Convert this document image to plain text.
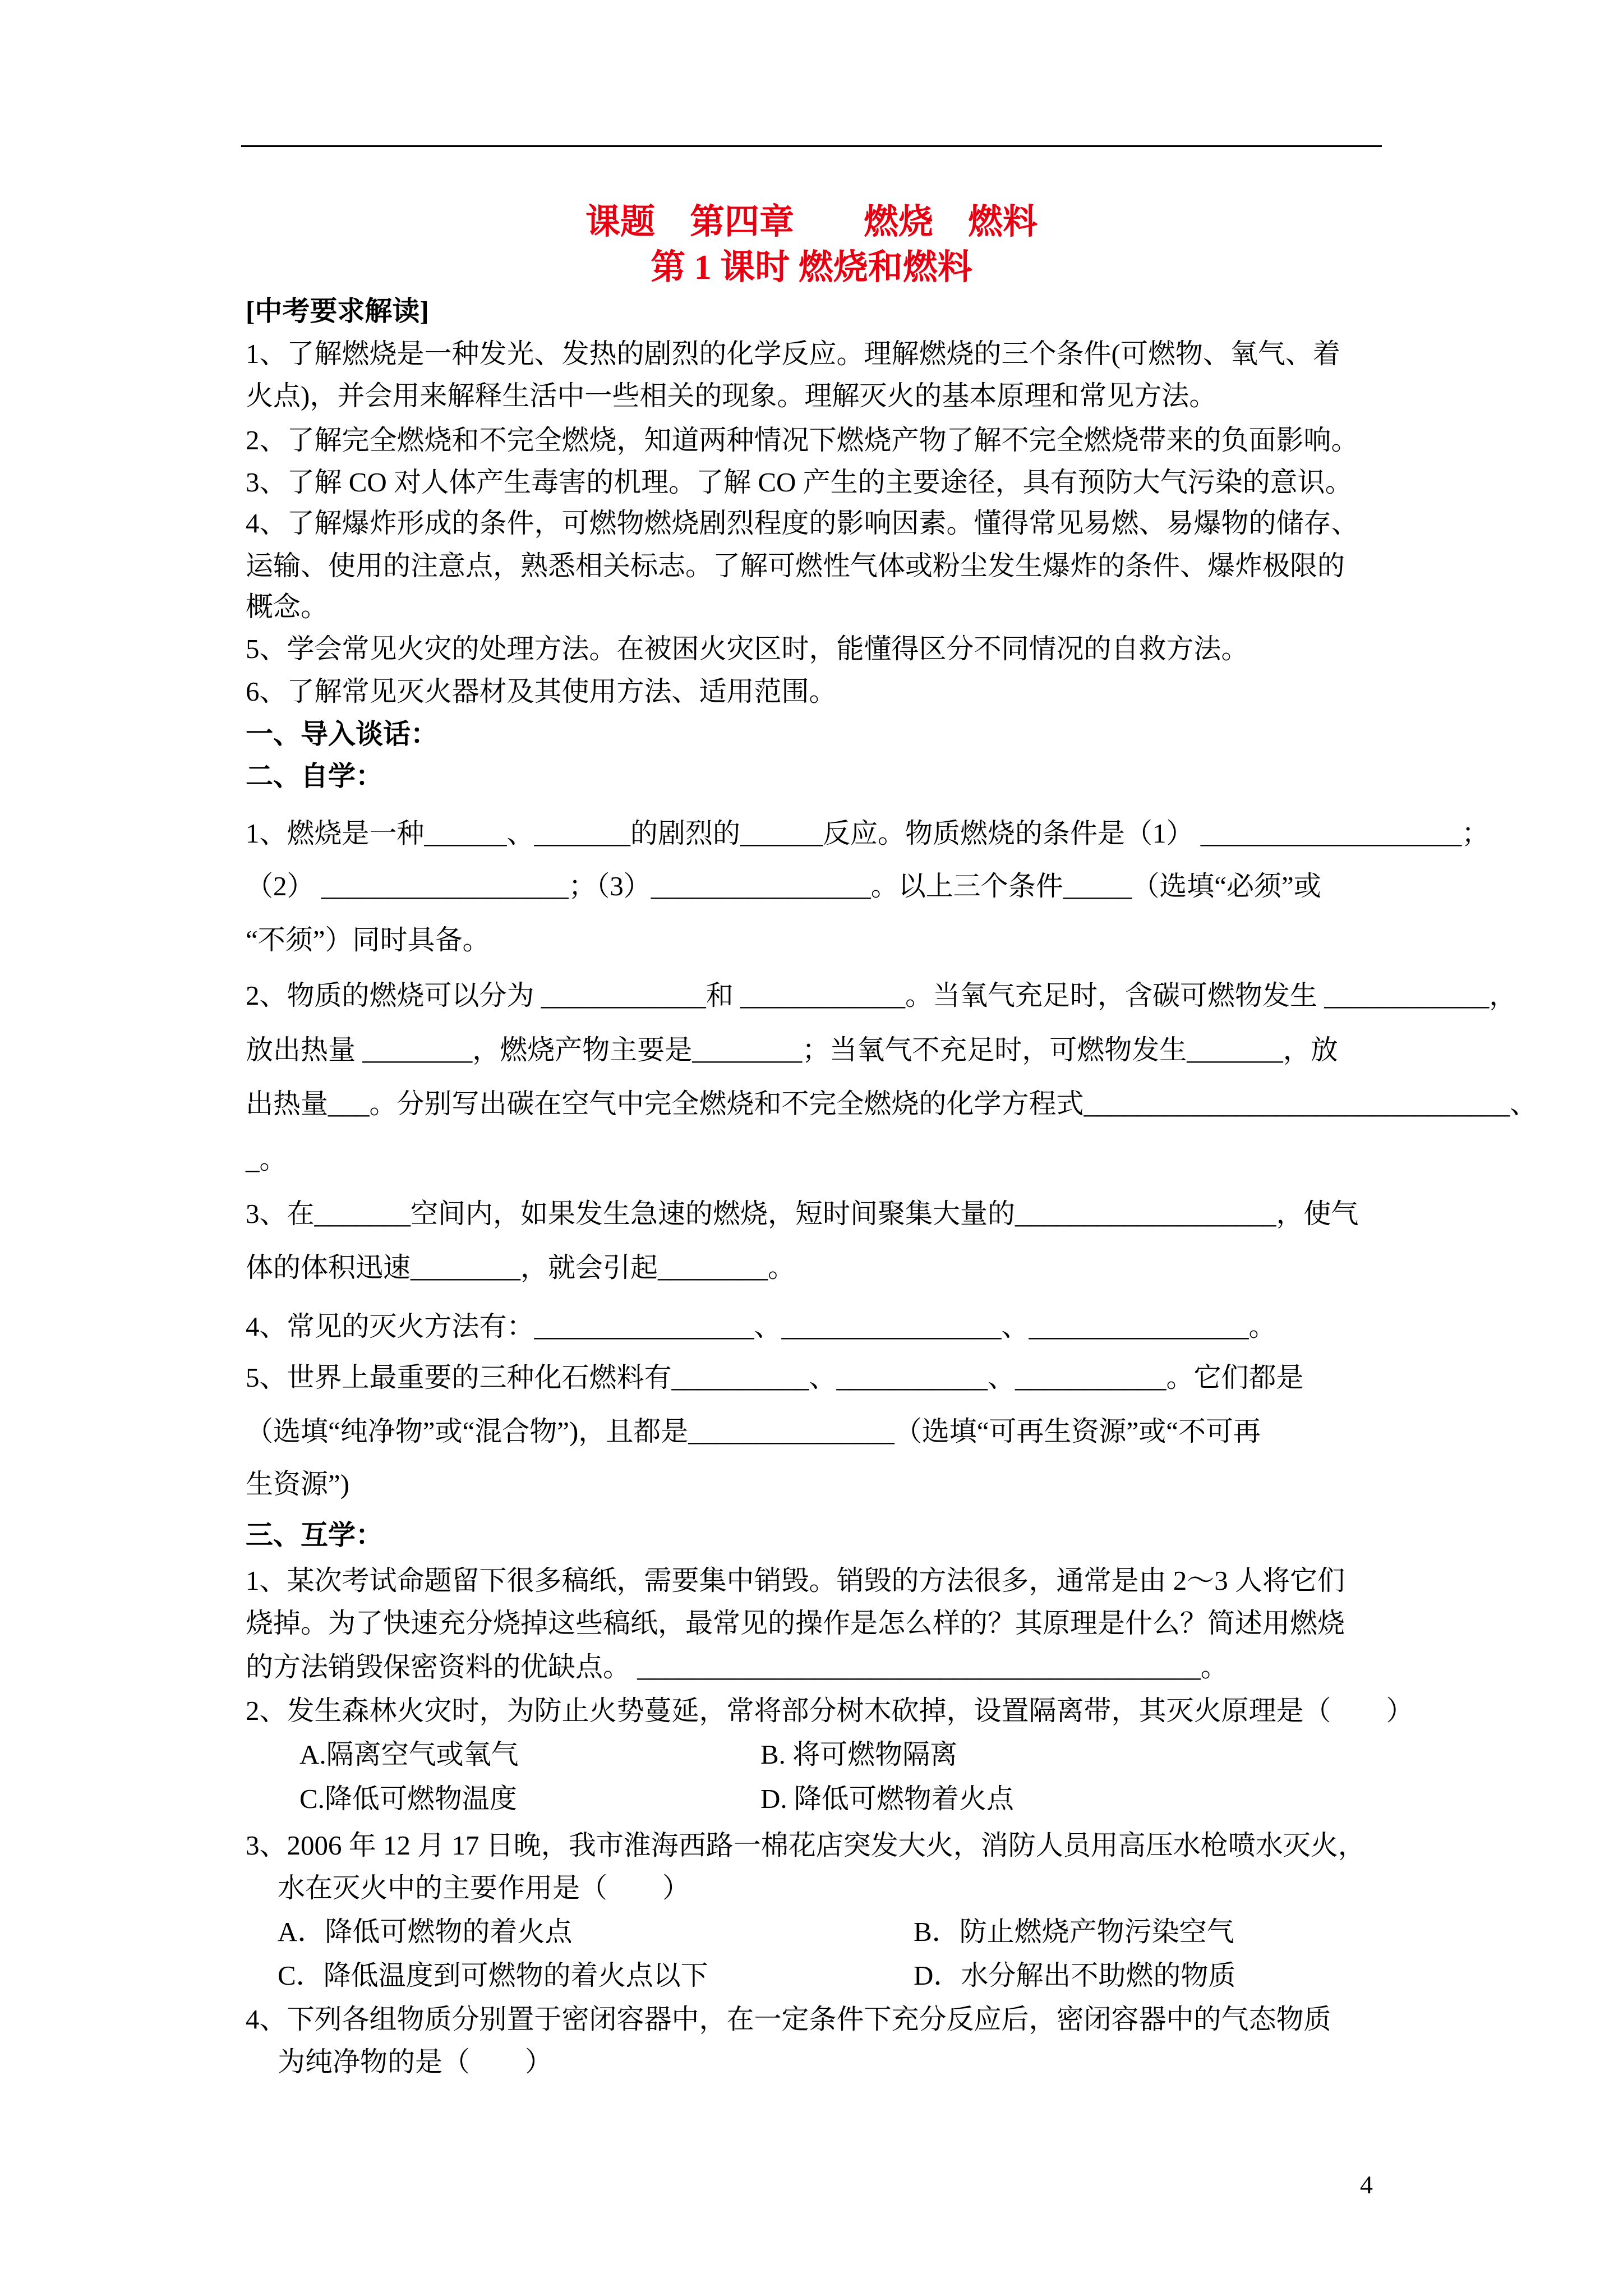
课题　第四章　　燃烧　燃料
第 1 课时 燃烧和燃料
[中考要求解读]
1、了解燃烧是一种发光、发热的剧烈的化学反应。理解燃烧的三个条件(可燃物、氧气、着
火点)，并会用来解释生活中一些相关的现象。理解灭火的基本原理和常见方法。
2、了解完全燃烧和不完全燃烧，知道两种情况下燃烧产物了解不完全燃烧带来的负面影响。
3、了解 CO 对人体产生毒害的机理。了解 CO 产生的主要途径，具有预防大气污染的意识。
4、了解爆炸形成的条件，可燃物燃烧剧烈程度的影响因素。懂得常见易燃、易爆物的储存、
运输、使用的注意点，熟悉相关标志。了解可燃性气体或粉尘发生爆炸的条件、爆炸极限的
概念。
5、学会常见火灾的处理方法。在被困火灾区时，能懂得区分不同情况的自救方法。
6、了解常见灭火器材及其使用方法、适用范围。
一、导入谈话：
二、自学：
1、燃烧是一种______、_______的剧烈的______反应。物质燃烧的条件是（1） ___________________；
（2） __________________；（3）________________。以上三个条件_____（选填“必须”或
“不须”）同时具备。
2、物质的燃烧可以分为 ____________和 ____________。当氧气充足时，含碳可燃物发生 ____________，
放出热量 ________，燃烧产物主要是________；当氧气不充足时，可燃物发生_______，放
出热量___。分别写出碳在空气中完全燃烧和不完全燃烧的化学方程式_______________________________、
_。
3、在_______空间内，如果发生急速的燃烧，短时间聚集大量的___________________，使气
体的体积迅速________，就会引起________。
4、常见的灭火方法有：________________、________________、________________。
5、世界上最重要的三种化石燃料有__________、___________、___________。它们都是
（选填“纯净物”或“混合物”)，且都是_______________（选填“可再生资源”或“不可再
生资源”)
三、互学：
1、某次考试命题留下很多稿纸，需要集中销毁。销毁的方法很多，通常是由 2～3 人将它们
烧掉。为了快速充分烧掉这些稿纸，最常见的操作是怎么样的？其原理是什么？简述用燃烧
的方法销毁保密资料的优缺点。 _________________________________________。
2、发生森林火灾时，为防止火势蔓延，常将部分树木砍掉，设置隔离带，其灭火原理是（　　）
A.隔离空气或氧气	B. 将可燃物隔离
C.降低可燃物温度	D. 降低可燃物着火点
3、2006 年 12 月 17 日晚，我市淮海西路一棉花店突发大火，消防人员用高压水枪喷水灭火，
水在灭火中的主要作用是（　　）
A．降低可燃物的着火点	B．防止燃烧产物污染空气
C．降低温度到可燃物的着火点以下	D．水分解出不助燃的物质
4、下列各组物质分别置于密闭容器中，在一定条件下充分反应后，密闭容器中的气态物质
为纯净物的是（　　）
4
